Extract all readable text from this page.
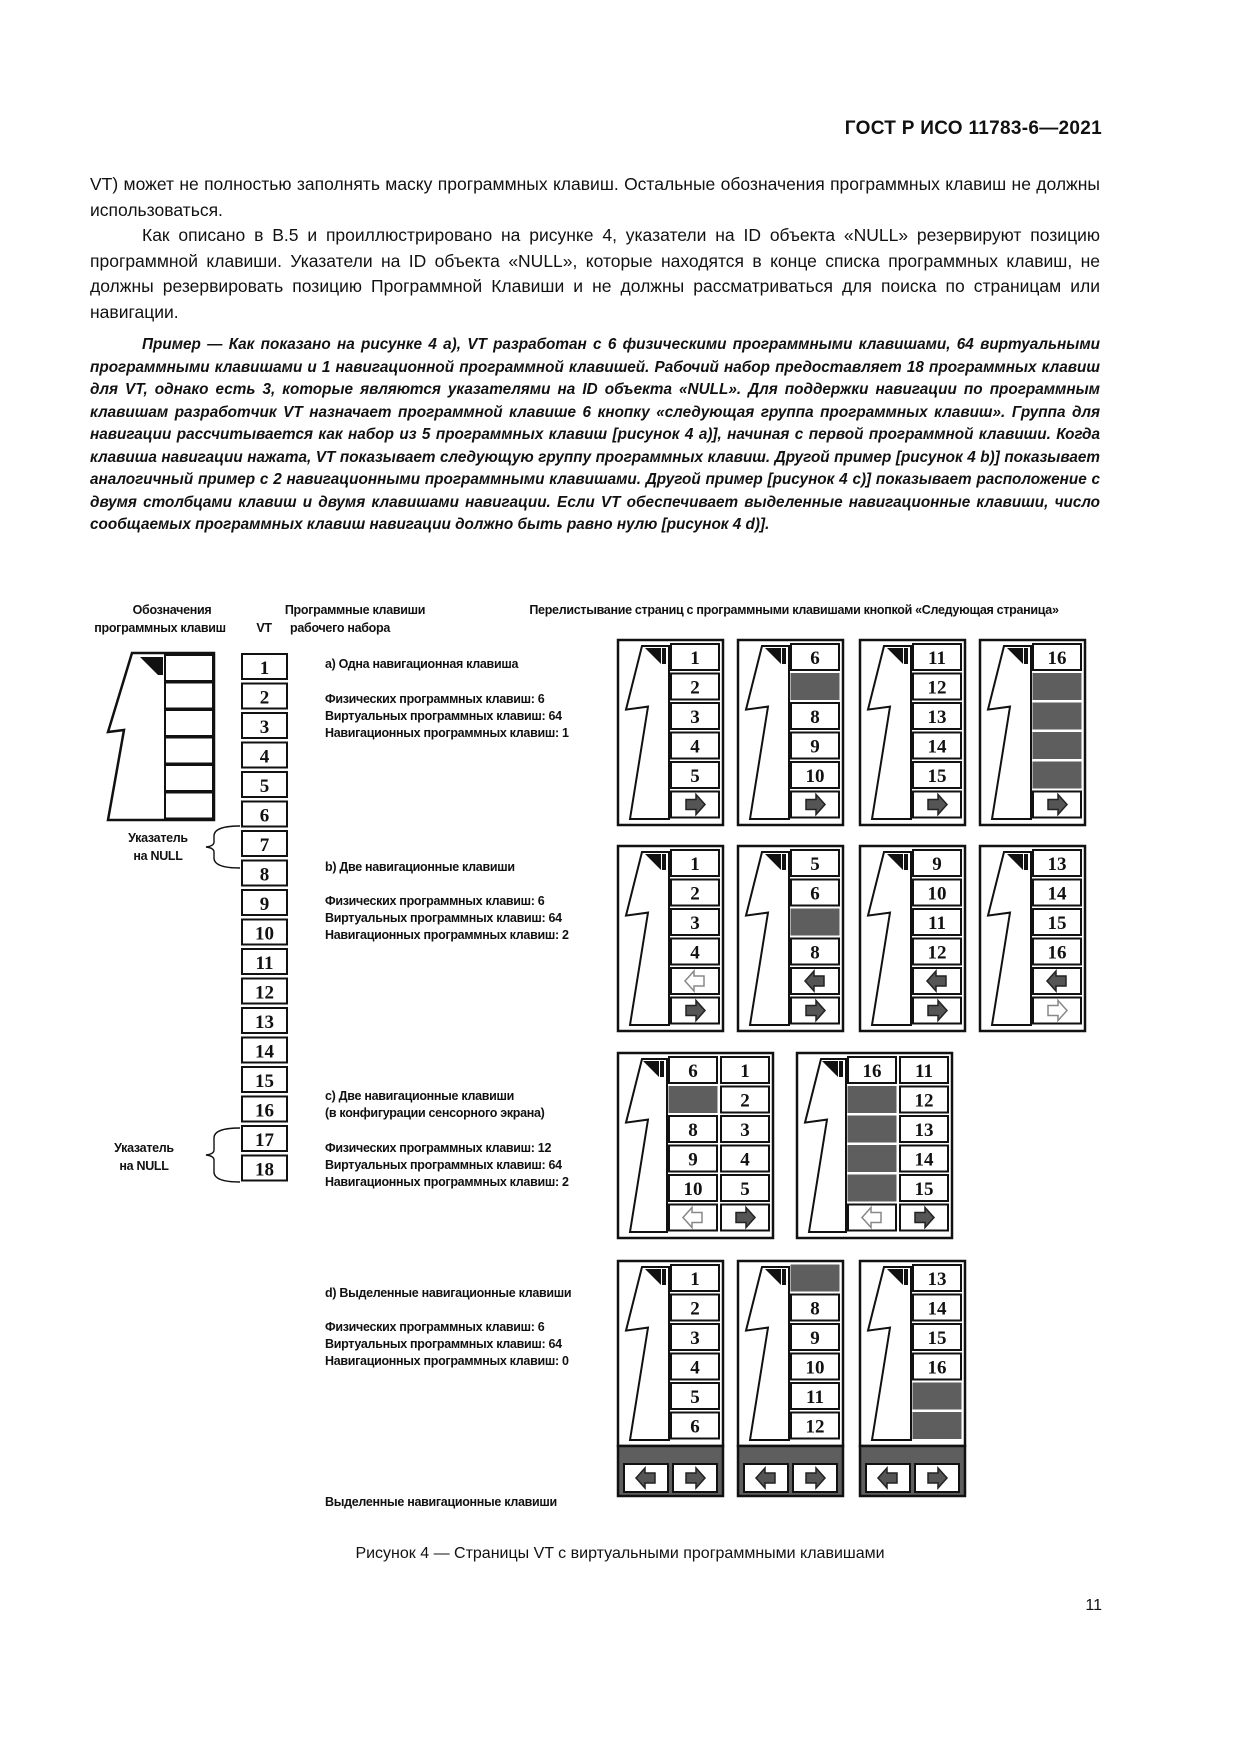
ГОСТ Р ИСО 11783-6—2021

VT) может не полностью заполнять маску программных клавиш. Остальные обозначения программных клавиш не должны использоваться.

Как описано в В.5 и проиллюстрировано на рисунке 4, указатели на ID объекта «NULL» резервируют позицию программной клавиши. Указатели на ID объекта «NULL», которые находятся в конце списка программных клавиш, не должны резервировать позицию Программной Клавиши и не должны рассматриваться для поиска по страницам или навигации.

Пример — Как показано на рисунке 4 а), VT разработан с 6 физическими программными клавишами, 64 виртуальными программными клавишами и 1 навигационной программной клавишей. Рабочий набор предоставляет 18 программных клавиш для VT, однако есть 3, которые являются указателями на ID объекта «NULL». Для поддержки навигации по программным клавишам разработчик VT назначает программной клавише 6 кнопку «следующая группа программных клавиш». Группа для навигации рассчитывается как набор из 5 программных клавиш [рисунок 4 а)], начиная с первой программной клавиши. Когда клавиша навигации нажата, VT показывает следующую группу программных клавиш. Другой пример [рисунок 4 b)] показывает аналогичный пример с 2 навигационными программными клавишами. Другой пример [рисунок 4 с)] показывает расположение с двумя столбцами клавиш и двумя клавишами навигации. Если VT обеспечивает выделенные навигационные клавиши, число сообщаемых программных клавиш навигации должно быть равно нулю [рисунок 4 d)].
Обозначения
программных клавиш VT
Программные клавиши
рабочего набора
Перелистывание страниц с программными клавишами кнопкой «Следующая страница»
Указатель
на NULL
Указатель
на NULL
1
2
3
4
5
6
7
8
9
10
11
12
13
14
15
16
17
18
а) Одна навигационная клавиша
Физических программных клавиш: 6
Виртуальных программных клавиш: 64
Навигационных программных клавиш: 1
b) Две навигационные клавиши
Физических программных клавиш: 6
Виртуальных программных клавиш: 64
Навигационных программных клавиш: 2
с) Две навигационные клавиши
(в конфигурации сенсорного экрана)
Физических программных клавиш: 12
Виртуальных программных клавиш: 64
Навигационных программных клавиш: 2
d) Выделенные навигационные клавиши
Физических программных клавиш: 6
Виртуальных программных клавиш: 64
Навигационных программных клавиш: 0
Выделенные навигационные клавиши
1
2
3
4
5
6
8
9
10
11
12
13
14
15
16
1
2
3
4
5
6
8
9
10
11
12
13
14
15
16
6
8
9
10
1
2
3
4
5
16 11
12
13
14
15
1
2
3
4
5
6
8
9
10
11
12
13
14
15
16
Рисунок 4 — Страницы VT с виртуальными программными клавишами
11
